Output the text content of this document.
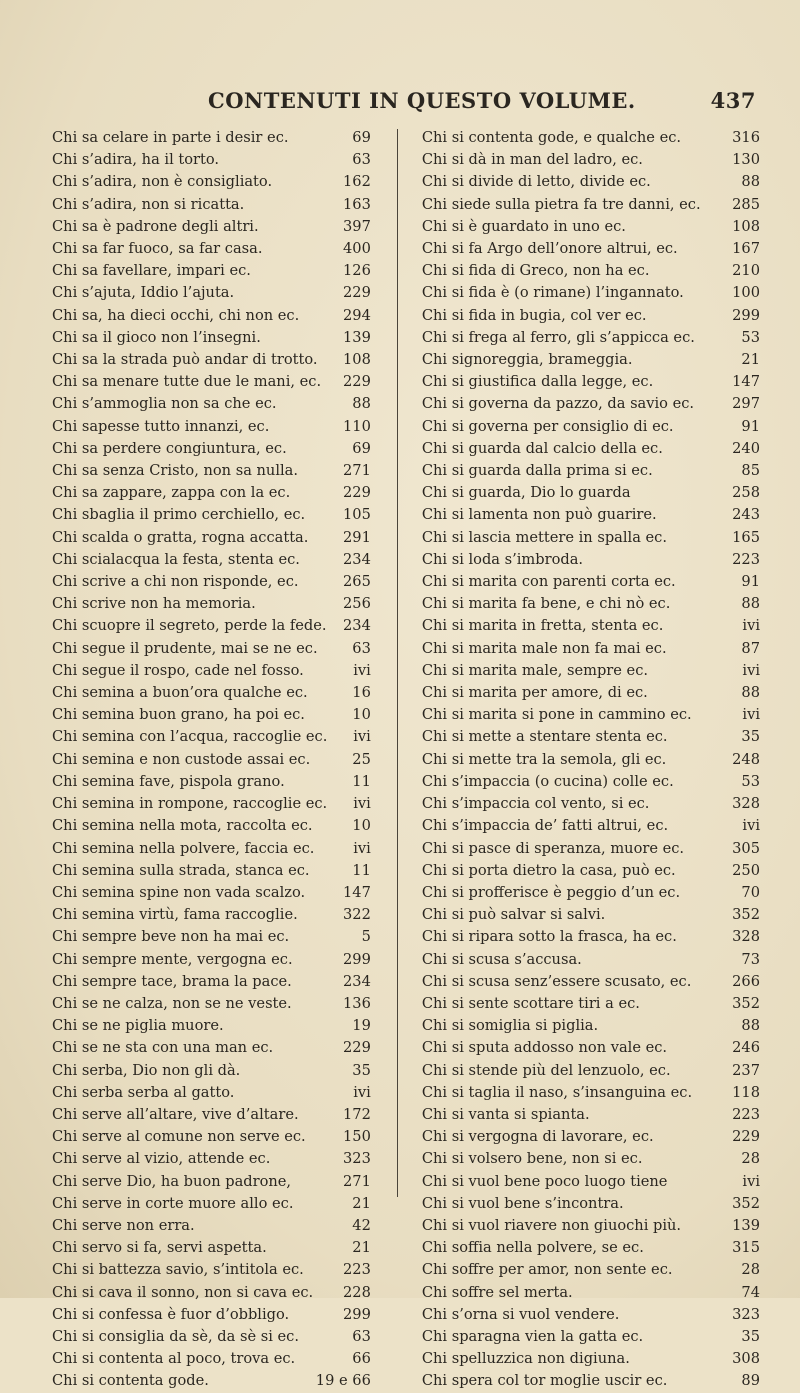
CONTENUTI IN QUESTO VOLUME.	437
Chi sa celare in parte i desir ec.	69
Chi s’adira, ha il torto.	63
Chi s’adira, non è consigliato.	162
Chi s’adira, non si ricatta.	163
Chi sa è padrone degli altri.	397
Chi sa far fuoco, sa far casa.	400
Chi sa favellare, impari ec.	126
Chi s’ajuta, Iddio l’ajuta.	229
Chi sa, ha dieci occhi, chi non ec.	294
Chi sa il gioco non l’insegni.	139
Chi sa la strada può andar di trotto.	108
Chi sa menare tutte due le mani, ec.	229
Chi s’ammoglia non sa che ec.	88
Chi sapesse tutto innanzi, ec.	110
Chi sa perdere congiuntura, ec.	69
Chi sa senza Cristo, non sa nulla.	271
Chi sa zappare, zappa con la ec.	229
Chi sbaglia il primo cerchiello, ec.	105
Chi scalda o gratta, rogna accatta.	291
Chi scialacqua la festa, stenta ec.	234
Chi scrive a chi non risponde, ec.	265
Chi scrive non ha memoria.	256
Chi scuopre il segreto, perde la fede.	234
Chi segue il prudente, mai se ne ec.	63
Chi segue il rospo, cade nel fosso.	ivi
Chi semina a buon’ora qualche ec.	16
Chi semina buon grano, ha poi ec.	10
Chi semina con l’acqua, raccoglie ec.	ivi
Chi semina e non custode assai ec.	25
Chi semina fave, pispola grano.	11
Chi semina in rompone, raccoglie ec.	ivi
Chi semina nella mota, raccolta ec.	10
Chi semina nella polvere, faccia ec.	ivi
Chi semina sulla strada, stanca ec.	11
Chi semina spine non vada scalzo.	147
Chi semina virtù, fama raccoglie.	322
Chi sempre beve non ha mai ec.	5
Chi sempre mente, vergogna ec.	299
Chi sempre tace, brama la pace.	234
Chi se ne calza, non se ne veste.	136
Chi se ne piglia muore.	19
Chi se ne sta con una man ec.	229
Chi serba, Dio non gli dà.	35
Chi serba serba al gatto.	ivi
Chi serve all’altare, vive d’altare.	172
Chi serve al comune non serve ec.	150
Chi serve al vizio, attende ec.	323
Chi serve Dio, ha buon padrone,	271
Chi serve in corte muore allo ec.	21
Chi serve non erra.	42
Chi servo si fa, servi aspetta.	21
Chi si battezza savio, s’intitola ec.	223
Chi si cava il sonno, non si cava ec.	228
Chi si confessa è fuor d’obbligo.	299
Chi si consiglia da sè, da sè si ec.	63
Chi si contenta al poco, trova ec.	66
Chi si contenta gode.	19 e 66
Chi si contenta gode, e qualche ec.	316
Chi si dà in man del ladro, ec.	130
Chi si divide di letto, divide ec.	88
Chi siede sulla pietra fa tre danni, ec.	285
Chi si è guardato in uno ec.	108
Chi si fa Argo dell’onore altrui, ec.	167
Chi si fida di Greco, non ha ec.	210
Chi si fida è (o rimane) l’ingannato.	100
Chi si fida in bugia, col ver ec.	299
Chi si frega al ferro, gli s’appicca ec.	53
Chi signoreggia, brameggia.	21
Chi si giustifica dalla legge, ec.	147
Chi si governa da pazzo, da savio ec.	297
Chi si governa per consiglio di ec.	91
Chi si guarda dal calcio della ec.	240
Chi si guarda dalla prima si ec.	85
Chi si guarda, Dio lo guarda	258
Chi si lamenta non può guarire.	243
Chi si lascia mettere in spalla ec.	165
Chi si loda s’imbroda.	223
Chi si marita con parenti corta ec.	91
Chi si marita fa bene, e chi nò ec.	88
Chi si marita in fretta, stenta ec.	ivi
Chi si marita male non fa mai ec.	87
Chi si marita male, sempre ec.	ivi
Chi si marita per amore, di ec.	88
Chi si marita si pone in cammino ec.	ivi
Chi si mette a stentare stenta ec.	35
Chi si mette tra la semola, gli ec.	248
Chi s’impaccia (o cucina) colle ec.	53
Chi s’impaccia col vento, si ec.	328
Chi s’impaccia de’ fatti altrui, ec.	ivi
Chi si pasce di speranza, muore ec.	305
Chi si porta dietro la casa, può ec.	250
Chi si profferisce è peggio d’un ec.	70
Chi si può salvar si salvi.	352
Chi si ripara sotto la frasca, ha ec.	328
Chi si scusa s’accusa.	73
Chi si scusa senz’essere scusato, ec.	266
Chi si sente scottare tiri a ec.	352
Chi si somiglia si piglia.	88
Chi si sputa addosso non vale ec.	246
Chi si stende più del lenzuolo, ec.	237
Chi si taglia il naso, s’insanguina ec.	118
Chi si vanta si spianta.	223
Chi si vergogna di lavorare, ec.	229
Chi si volsero bene, non si ec.	28
Chi si vuol bene poco luogo tiene	ivi
Chi si vuol bene s’incontra.	352
Chi si vuol riavere non giuochi più.	139
Chi soffia nella polvere, se ec.	315
Chi soffre per amor, non sente ec.	28
Chi soffre sel merta.	74
Chi s’orna si vuol vendere.	323
Chi sparagna vien la gatta ec.	35
Chi spelluzzica non digiuna.	308
Chi spera col tor moglie uscir ec.	89
